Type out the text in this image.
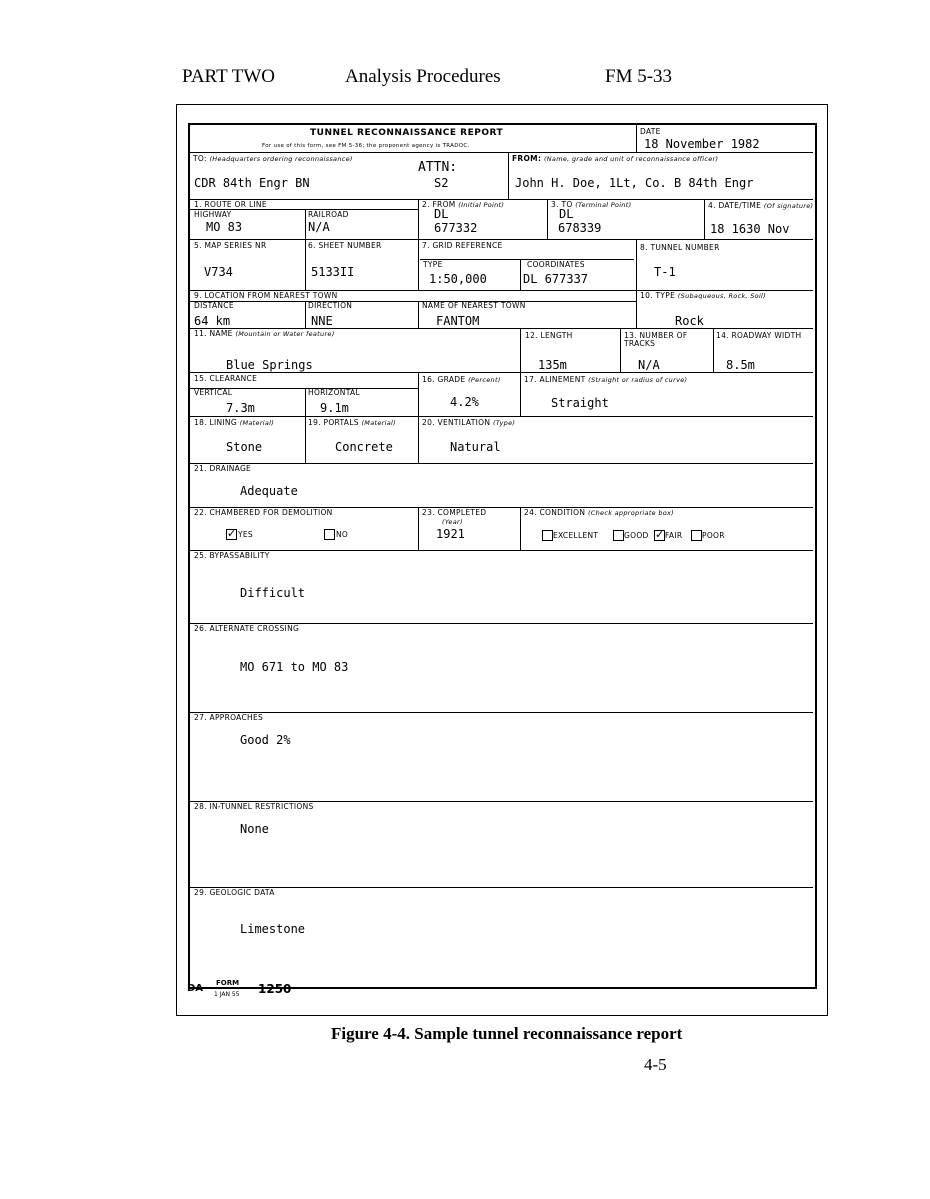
PART TWO	Analysis Procedures	FM 5-33
TUNNEL RECONNAISSANCE REPORT
For use of this form, see FM 5-36; the proponent agency is TRADOC.
DATE
18 November 1982
TO: (Headquarters ordering reconnaissance)
ATTN:
S2
CDR 84th Engr BN
FROM: (Name, grade and unit of reconnaissance officer)
John H. Doe, 1Lt, Co. B 84th Engr
1. ROUTE OR LINE
HIGHWAY
MO 83
RAILROAD
N/A
2. FROM (Initial Point)
DL
677332
3. TO (Terminal Point)
DL
678339
4. DATE/TIME (Of signature)
18 1630 Nov
5. MAP SERIES NR
V734
6. SHEET NUMBER
5133II
7. GRID REFERENCE
TYPE
1:50,000
COORDINATES
DL 677337
8. TUNNEL NUMBER
T-1
9. LOCATION FROM NEAREST TOWN
DISTANCE
64 km
DIRECTION
NNE
NAME OF NEAREST TOWN
FANTOM
10. TYPE (Subaqueous, Rock, Soil)
Rock
11. NAME (Mountain or Water feature)
Blue Springs
12. LENGTH
135m
13. NUMBER OF TRACKS
N/A
14. ROADWAY WIDTH
8.5m
15. CLEARANCE
VERTICAL
7.3m
HORIZONTAL
9.1m
16. GRADE (Percent)
4.2%
17. ALINEMENT (Straight or radius of curve)
Straight
18. LINING (Material)
Stone
19. PORTALS (Material)
Concrete
20. VENTILATION (Type)
Natural
21. DRAINAGE
Adequate
22. CHAMBERED FOR DEMOLITION
✓
YES	NO
23. COMPLETED
(Year)
1921
24. CONDITION (Check appropriate box)
EXCELLENT	GOOD
✓ FAIR	POOR
25. BYPASSABILITY
Difficult
26. ALTERNATE CROSSING
MO 671 to MO 83
27. APPROACHES
Good 2%
28. IN-TUNNEL RESTRICTIONS
None
29. GEOLOGIC DATA
Limestone
DA FORM
1 JAN 55 1250
Figure 4-4. Sample tunnel reconnaissance report
4-5
